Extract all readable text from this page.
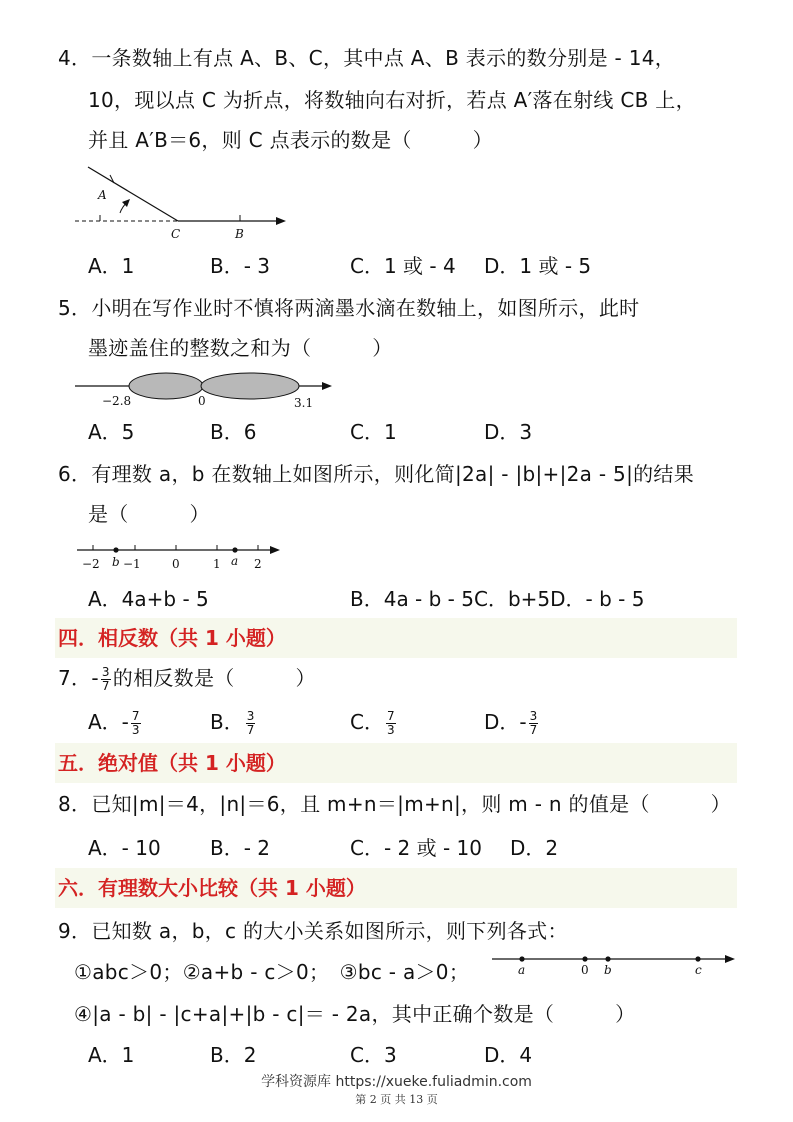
4．一条数轴上有点 A、B、C，其中点 A、B 表示的数分别是 - 14，
10，现以点 C 为折点，将数轴向右对折，若点 A′落在射线 CB 上，
并且 A′B＝6，则 C 点表示的数是（　　　）
A
C	B
A．1	B．- 3	C．1 或 - 4 D．1 或 - 5
5．小明在写作业时不慎将两滴墨水滴在数轴上，如图所示，此时
墨迹盖住的整数之和为（　　　）
−2.8	0	3.1
A．5	B．6	C．1	D．3
6．有理数 a，b 在数轴上如图所示，则化简|2a| - |b|+|2a - 5|的结果
是（　　　）
−2 b −1	0	1 a 2
A．4a+b - 5	B．4a - b - 5C．b+5D．- b - 5
四．相反数（共 1 小题）
7．- $\frac{3}{7}$ 的相反数是（　　　）
A．- $\frac{7}{3}$	B． $\frac{3}{7}$	C． $\frac{7}{3}$	D．- $\frac{3}{7}$
五．绝对值（共 1 小题）
8．已知|m|＝4，|n|＝6，且 m+n＝|m+n|，则 m - n 的值是（　　　）
A．- 10 B．- 2	C．- 2 或 - 10 D．2
六．有理数大小比较（共 1 小题）
9．已知数 a，b，c 的大小关系如图所示，则下列各式：
①abc＞0；②a+b - c＞0；　③bc - a＞0；	a	0 b	c
④|a - b| - |c+a|+|b - c|＝ - 2a，其中正确个数是（　　　）
A．1	B．2	C．3	D．4
学科资源库 https://xueke.fuliadmin.com
第 2 页 共 13 页
